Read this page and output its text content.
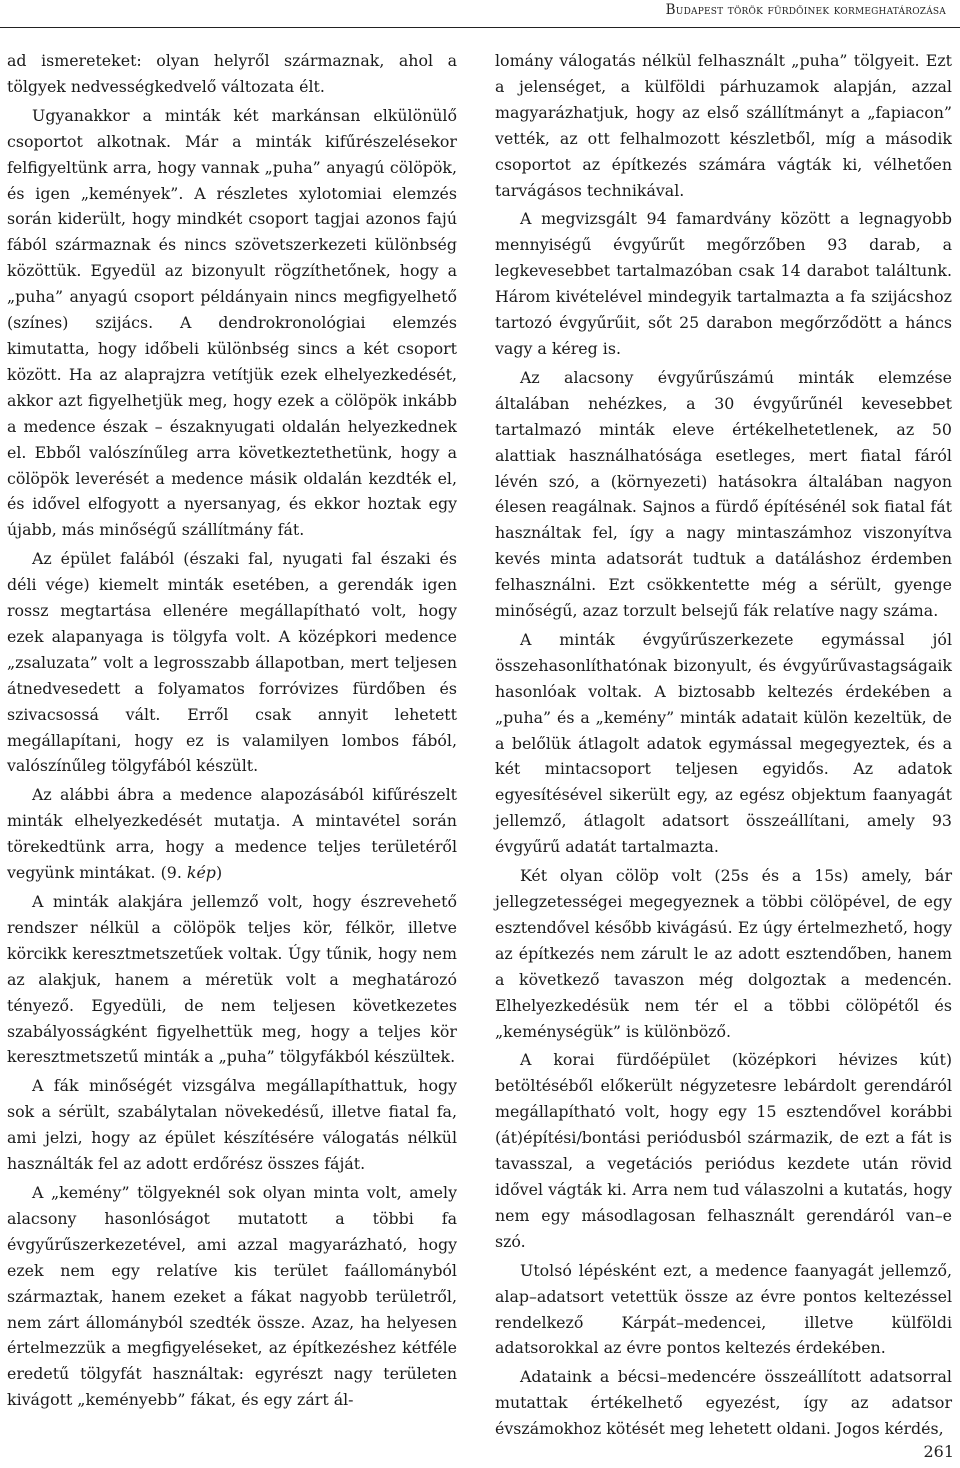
Budapest török fürdőinek kormeghatározása

ad ismereteket: olyan helyről származnak, ahol a tölgyek nedvességkedvelő változata élt.

Ugyanakkor a minták két markánsan elkülönülő csoportot alkotnak. Már a minták kifűrészelésekor felfigyeltünk arra, hogy vannak „puha” anyagú cölöpök, és igen „kemények”. A részletes xylotomiai elemzés során kiderült, hogy mindkét csoport tagjai azonos fajú fából származnak és nincs szövetszerkezeti különbség közöttük. Egyedül az bizonyult rögzíthetőnek, hogy a „puha” anyagú csoport példányain nincs megfigyelhető (színes) szijács. A dendrokronológiai elemzés kimutatta, hogy időbeli különbség sincs a két csoport között. Ha az alaprajzra vetítjük ezek elhelyezkedését, akkor azt figyelhetjük meg, hogy ezek a cölöpök inkább a medence észak – északnyugati oldalán helyezkednek el. Ebből valószínűleg arra következtethetünk, hogy a cölöpök leverését a medence másik oldalán kezdték el, és idővel elfogyott a nyersanyag, és ekkor hoztak egy újabb, más minőségű szállítmány fát.

Az épület falából (északi fal, nyugati fal északi és déli vége) kiemelt minták esetében, a gerendák igen rossz megtartása ellenére megállapítható volt, hogy ezek alapanyaga is tölgyfa volt. A középkori medence „zsaluzata” volt a legrosszabb állapotban, mert teljesen átnedvesedett a folyamatos forróvizes fürdőben és szivacsossá vált. Erről csak annyit lehetett megállapítani, hogy ez is valamilyen lombos fából, valószínűleg tölgyfából készült.

Az alábbi ábra a medence alapozásából kifűrészelt minták elhelyezkedését mutatja. A mintavétel során törekedtünk arra, hogy a medence teljes területéről vegyünk mintákat. (9. kép)

A minták alakjára jellemző volt, hogy észrevehető rendszer nélkül a cölöpök teljes kör, félkör, illetve körcikk keresztmetszetűek voltak. Úgy tűnik, hogy nem az alakjuk, hanem a méretük volt a meghatározó tényező. Egyedüli, de nem teljesen következetes szabályosságként figyelhettük meg, hogy a teljes kör keresztmetszetű minták a „puha” tölgyfákból készültek.

A fák minőségét vizsgálva megállapíthattuk, hogy sok a sérült, szabálytalan növekedésű, illetve fiatal fa, ami jelzi, hogy az épület készítésére válogatás nélkül használták fel az adott erdőrész összes fáját.

A „kemény” tölgyeknél sok olyan minta volt, amely alacsony hasonlóságot mutatott a többi fa évgyűrűszerkezetével, ami azzal magyarázható, hogy ezek nem egy relatíve kis terület faállományból származtak, hanem ezeket a fákat nagyobb területről, nem zárt állományból szedték össze. Azaz, ha helyesen értelmezzük a megfigyeléseket, az építkezéshez kétféle eredetű tölgyfát használtak: egyrészt nagy területen kivágott „keményebb” fákat, és egy zárt ál-

lomány válogatás nélkül felhasznált „puha” tölgyeit. Ezt a jelenséget, a külföldi párhuzamok alapján, azzal magyarázhatjuk, hogy az első szállítmányt a „fapiacon” vették, az ott felhalmozott készletből, míg a második csoportot az építkezés számára vágták ki, vélhetően tarvágásos technikával.

A megvizsgált 94 famardvány között a legnagyobb mennyiségű évgyűrűt megőrzőben 93 darab, a legkevesebbet tartalmazóban csak 14 darabot találtunk. Három kivételével mindegyik tartalmazta a fa szijácshoz tartozó évgyűrűit, sőt 25 darabon megőrződött a háncs vagy a kéreg is.

Az alacsony évgyűrűszámú minták elemzése általában nehézkes, a 30 évgyűrűnél kevesebbet tartalmazó minták eleve értékelhetetlenek, az 50 alattiak használhatósága esetleges, mert fiatal fáról lévén szó, a (környezeti) hatásokra általában nagyon élesen reagálnak. Sajnos a fürdő építésénél sok fiatal fát használtak fel, így a nagy mintaszámhoz viszonyítva kevés minta adatsorát tudtuk a datáláshoz érdemben felhasználni. Ezt csökkentette még a sérült, gyenge minőségű, azaz torzult belsejű fák relatíve nagy száma.

A minták évgyűrűszerkezete egymással jól összehasonlíthatónak bizonyult, és évgyűrűvastagságaik hasonlóak voltak. A biztosabb keltezés érdekében a „puha” és a „kemény” minták adatait külön kezeltük, de a belőlük átlagolt adatok egymással megegyeztek, és a két mintacsoport teljesen egyidős. Az adatok egyesítésével sikerült egy, az egész objektum faanyagát jellemző, átlagolt adatsort összeállítani, amely 93 évgyűrű adatát tartalmazta.

Két olyan cölöp volt (25s és a 15s) amely, bár jellegzetességei megegyeznek a többi cölöpével, de egy esztendővel később kivágású. Ez úgy értelmezhető, hogy az építkezés nem zárult le az adott esztendőben, hanem a következő tavaszon még dolgoztak a medencén. Elhelyezkedésük nem tér el a többi cölöpétől és „keménységük” is különböző.

A korai fürdőépület (középkori hévizes kút) betöltéséből előkerült négyzetesre lebárdolt gerendáról megállapítható volt, hogy egy 15 esztendővel korábbi (át)építési/bontási periódusból származik, de ezt a fát is tavasszal, a vegetációs periódus kezdete után rövid idővel vágták ki. Arra nem tud válaszolni a kutatás, hogy nem egy másodlagosan felhasznált gerendáról van–e szó.

Utolsó lépésként ezt, a medence faanyagát jellemző, alap–adatsort vetettük össze az évre pontos keltezéssel rendelkező Kárpát–medencei, illetve külföldi adatsorokkal az évre pontos keltezés érdekében.

Adataink a bécsi–medencére összeállított adatsorral mutattak értékelhető egyezést, így az adatsor évszámokhoz kötését meg lehetett oldani. Jogos kérdés,

261
